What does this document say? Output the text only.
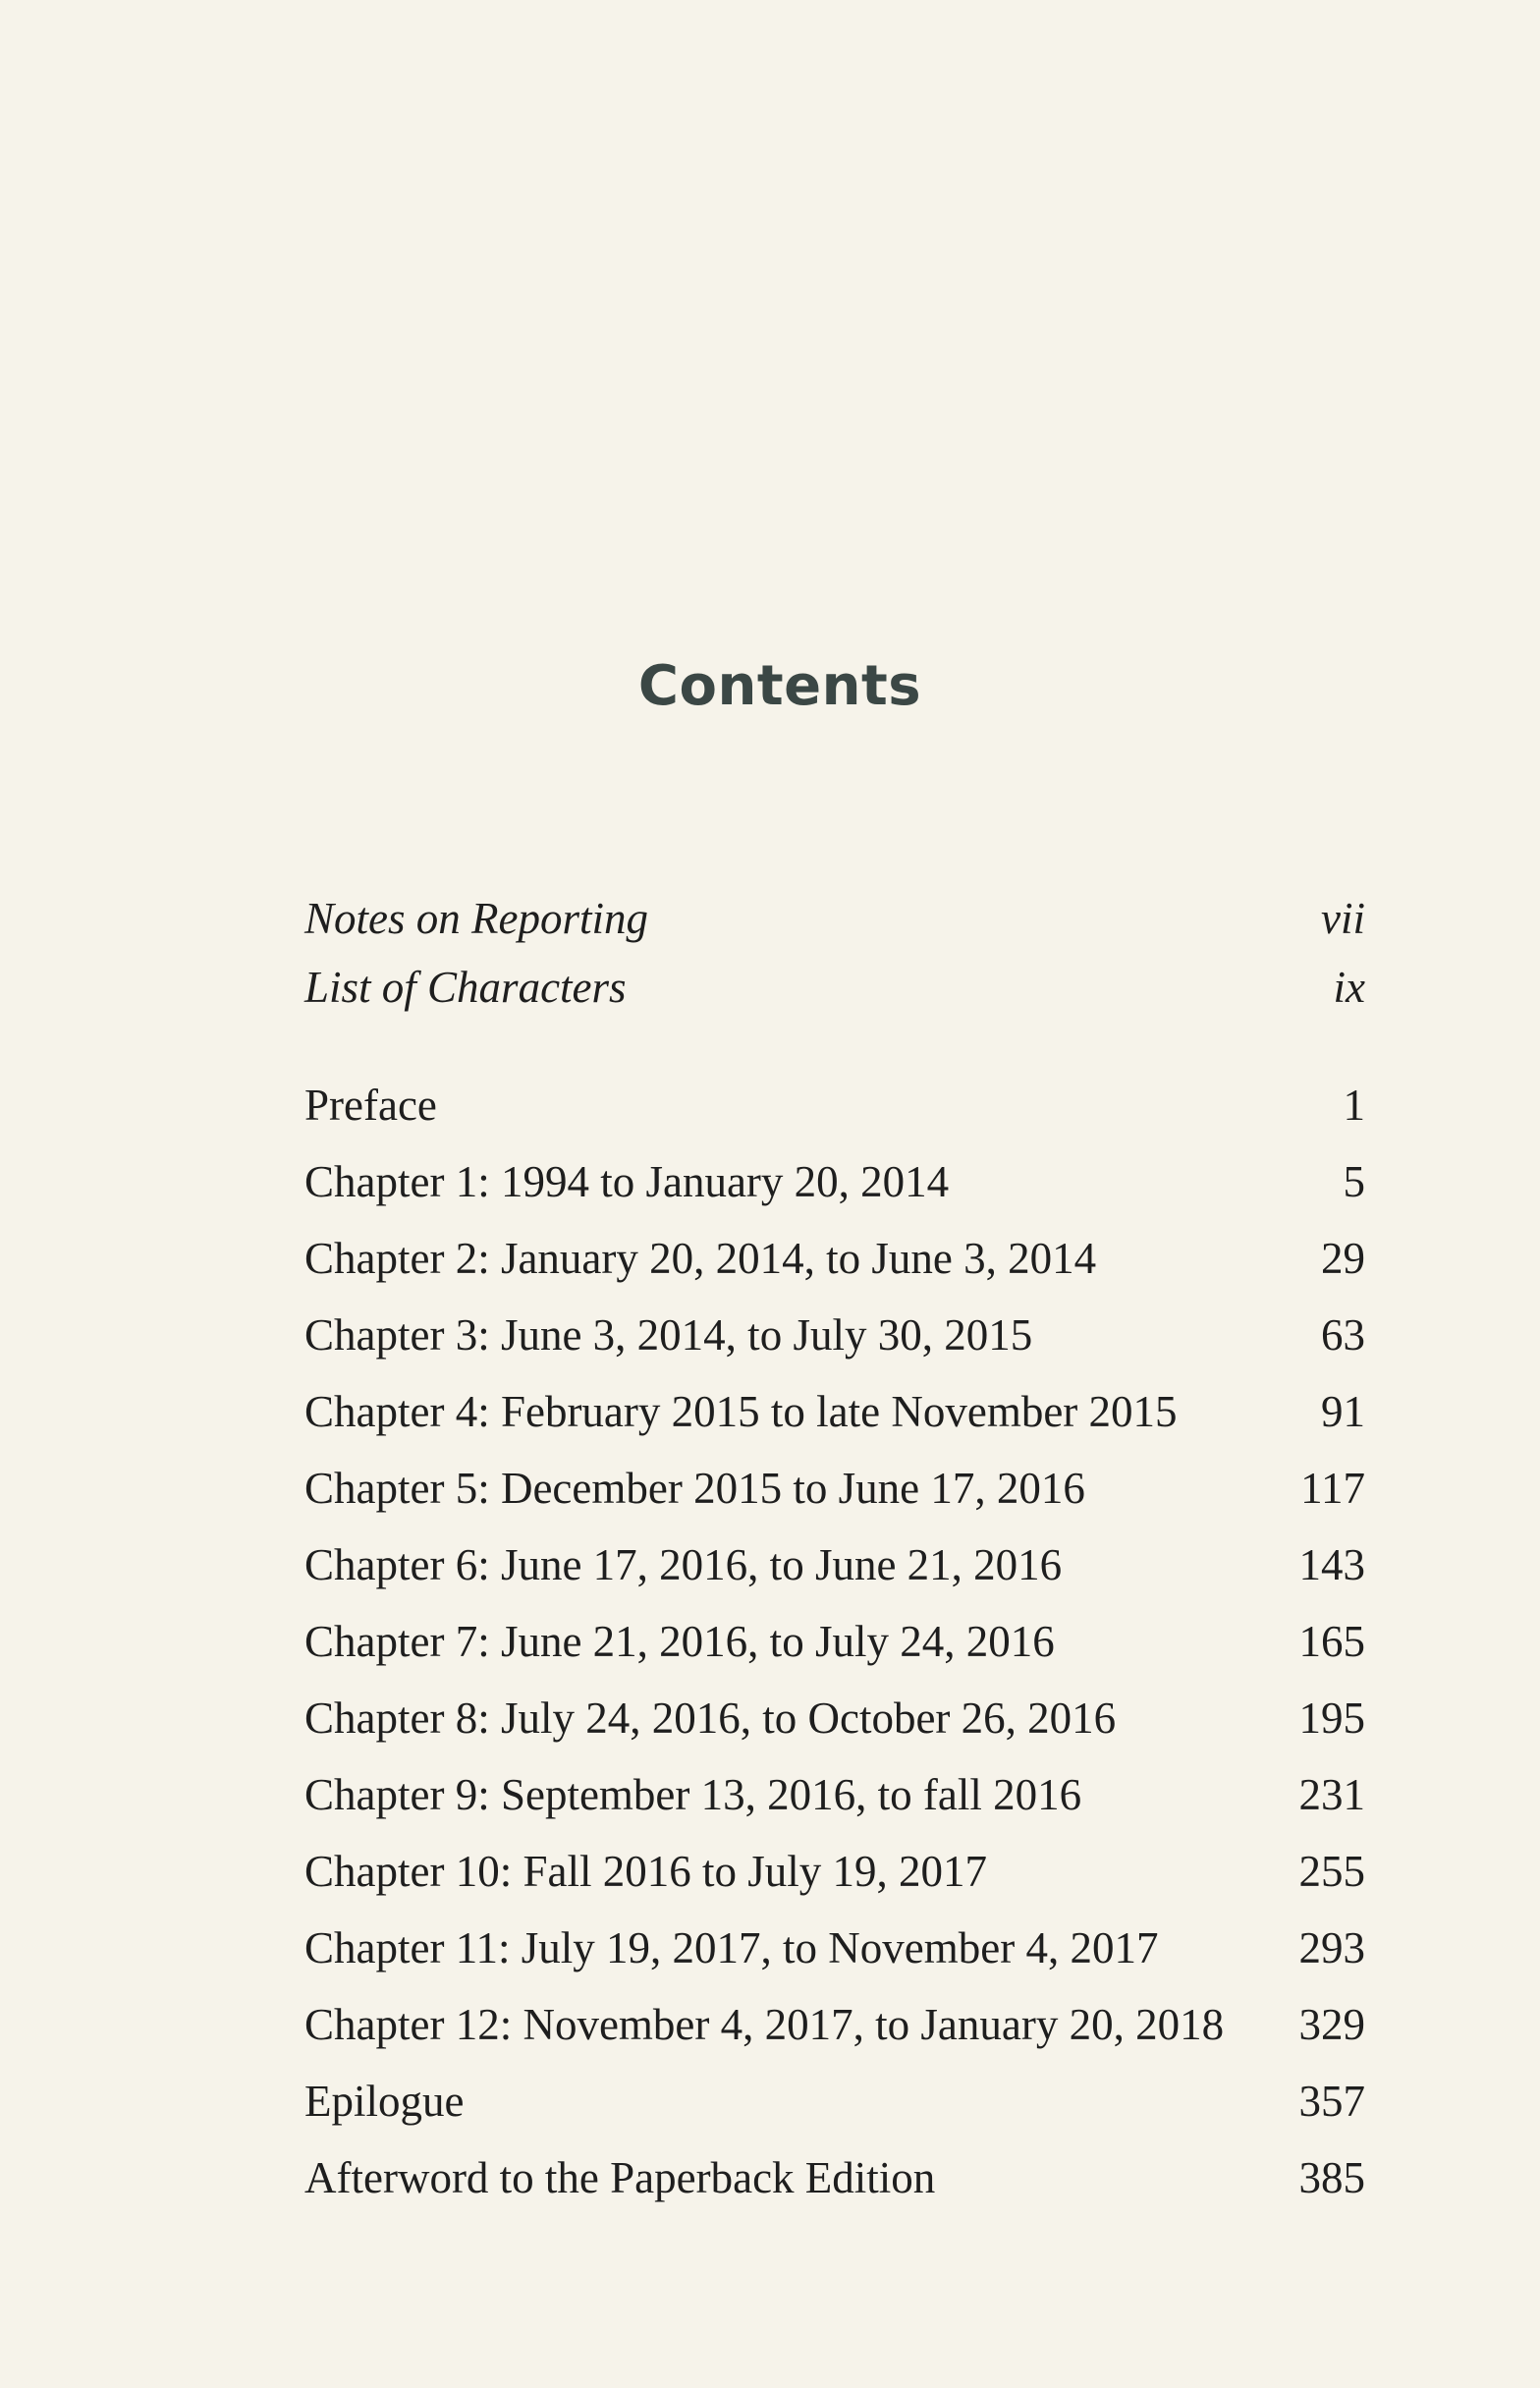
Contents
Notes on Reporting	vii
List of Characters	ix
Preface	1
Chapter 1: 1994 to January 20, 2014	5
Chapter 2: January 20, 2014, to June 3, 2014	29
Chapter 3: June 3, 2014, to July 30, 2015	63
Chapter 4: February 2015 to late November 2015	91
Chapter 5: December 2015 to June 17, 2016	117
Chapter 6: June 17, 2016, to June 21, 2016	143
Chapter 7: June 21, 2016, to July 24, 2016	165
Chapter 8: July 24, 2016, to October 26, 2016	195
Chapter 9: September 13, 2016, to fall 2016	231
Chapter 10: Fall 2016 to July 19, 2017	255
Chapter 11: July 19, 2017, to November 4, 2017	293
Chapter 12: November 4, 2017, to January 20, 2018 329
Epilogue	357
Afterword to the Paperback Edition	385
